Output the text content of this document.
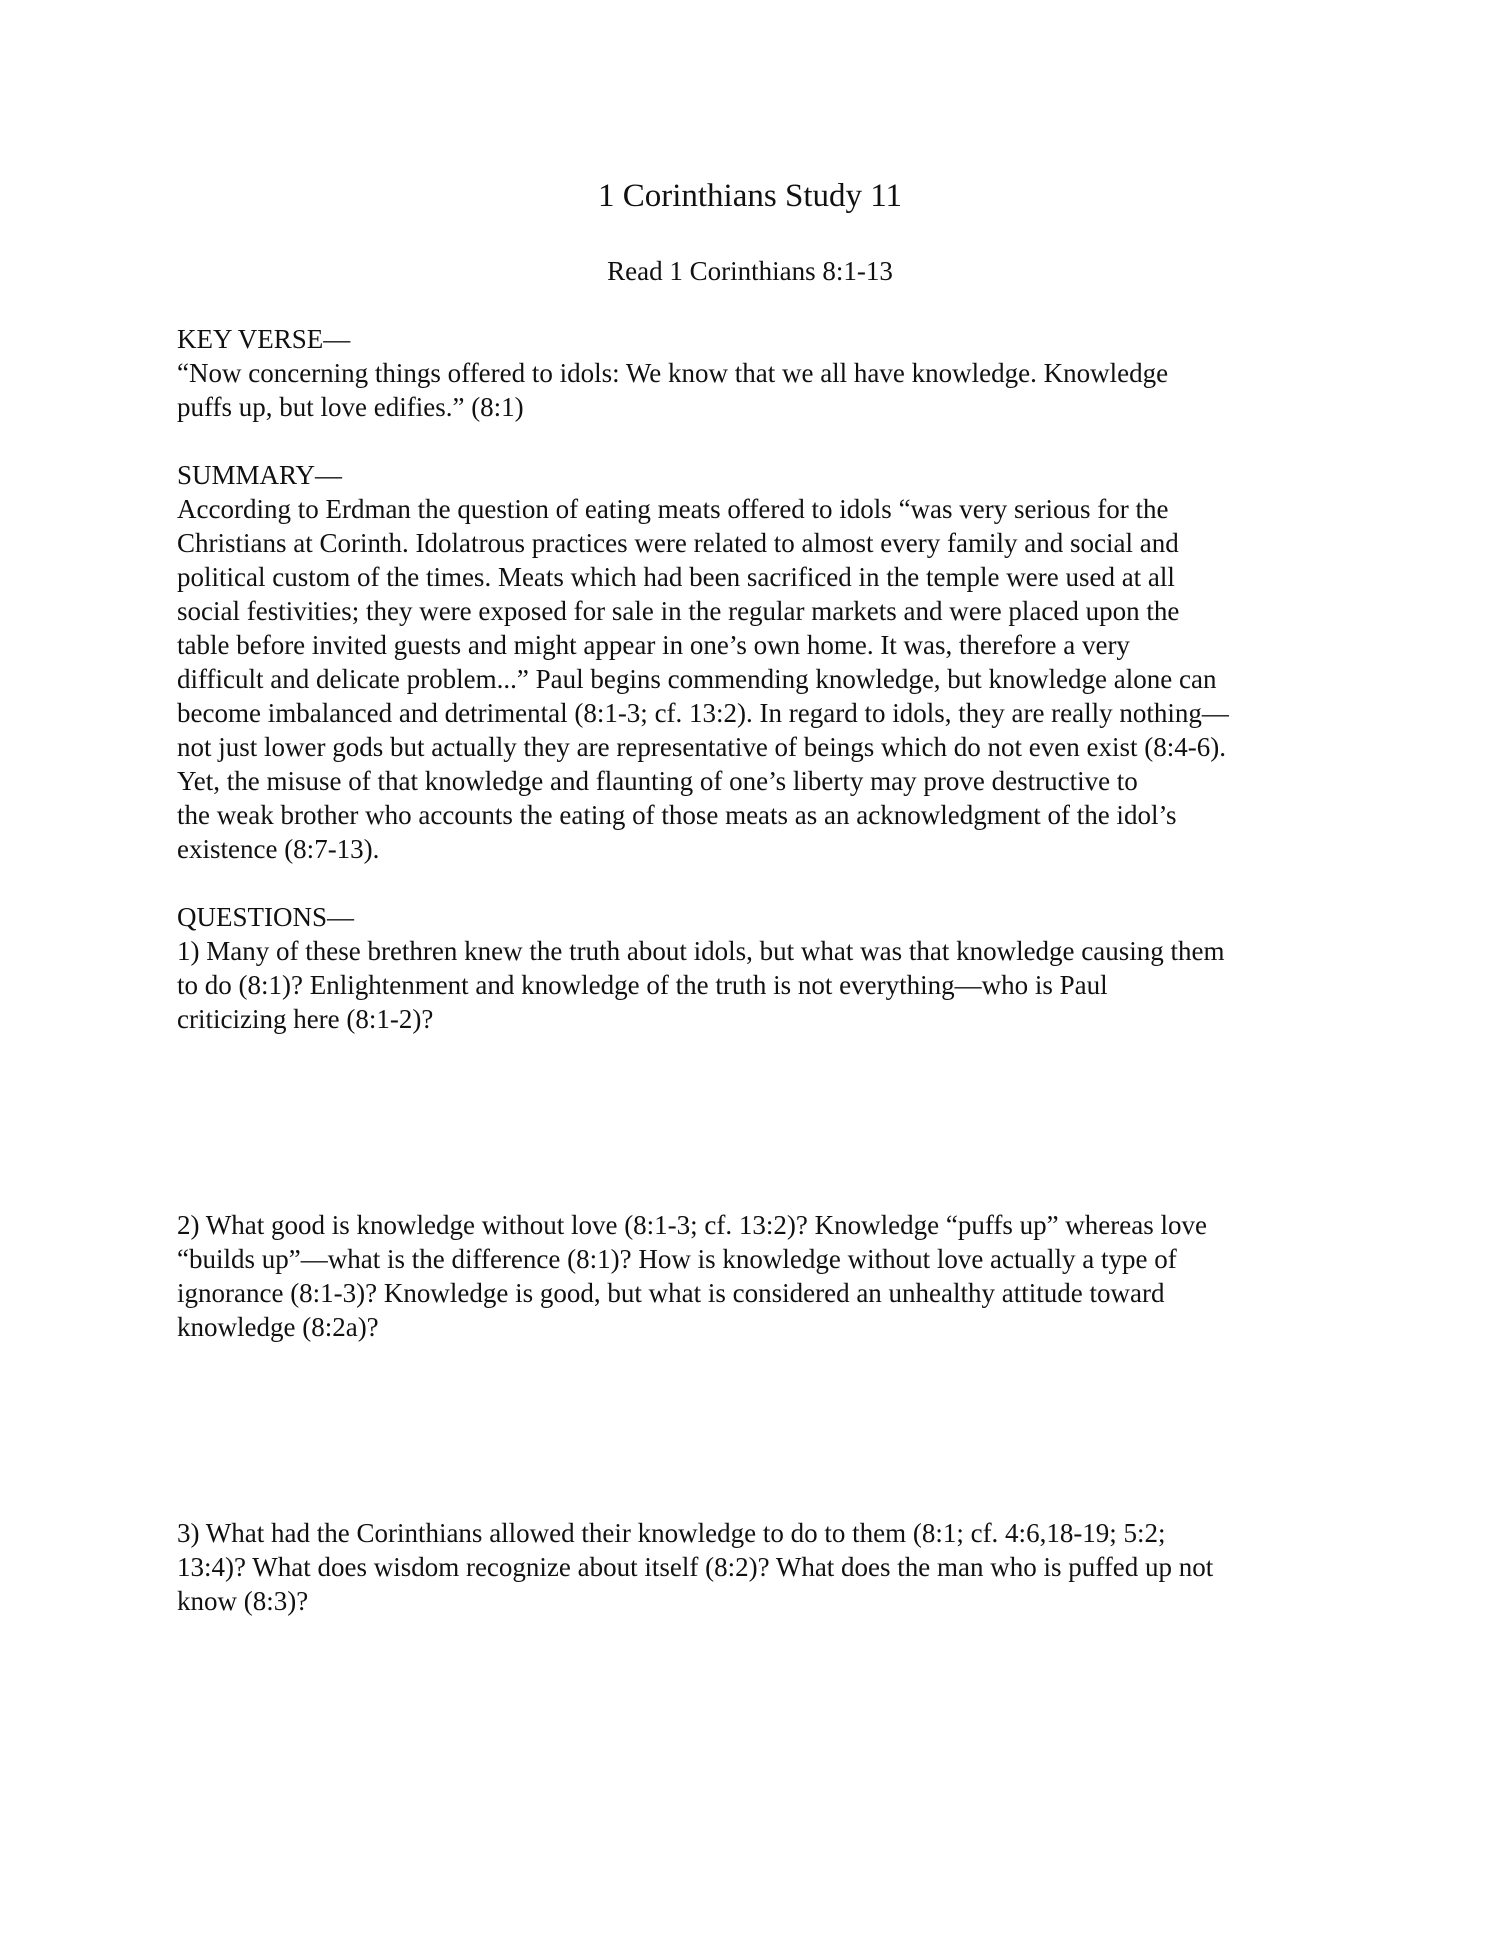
1 Corinthians Study 11
Read 1 Corinthians 8:1-13

KEY VERSE—
“Now concerning things offered to idols: We know that we all have knowledge. Knowledge
puffs up, but love edifies.” (8:1)

SUMMARY—
According to Erdman the question of eating meats offered to idols “was very serious for the
Christians at Corinth. Idolatrous practices were related to almost every family and social and
political custom of the times. Meats which had been sacrificed in the temple were used at all
social festivities; they were exposed for sale in the regular markets and were placed upon the
table before invited guests and might appear in one’s own home. It was, therefore a very
difficult and delicate problem...” Paul begins commending knowledge, but knowledge alone can
become imbalanced and detrimental (8:1-3; cf. 13:2). In regard to idols, they are really nothing—
not just lower gods but actually they are representative of beings which do not even exist (8:4-6).
Yet, the misuse of that knowledge and flaunting of one’s liberty may prove destructive to
the weak brother who accounts the eating of those meats as an acknowledgment of the idol’s
existence (8:7-13).

QUESTIONS—
1) Many of these brethren knew the truth about idols, but what was that knowledge causing them
to do (8:1)? Enlightenment and knowledge of the truth is not everything—who is Paul
criticizing here (8:1-2)?

2) What good is knowledge without love (8:1-3; cf. 13:2)? Knowledge “puffs up” whereas love
“builds up”—what is the difference (8:1)? How is knowledge without love actually a type of
ignorance (8:1-3)? Knowledge is good, but what is considered an unhealthy attitude toward
knowledge (8:2a)?

3) What had the Corinthians allowed their knowledge to do to them (8:1; cf. 4:6,18-19; 5:2;
13:4)? What does wisdom recognize about itself (8:2)? What does the man who is puffed up not
know (8:3)?
